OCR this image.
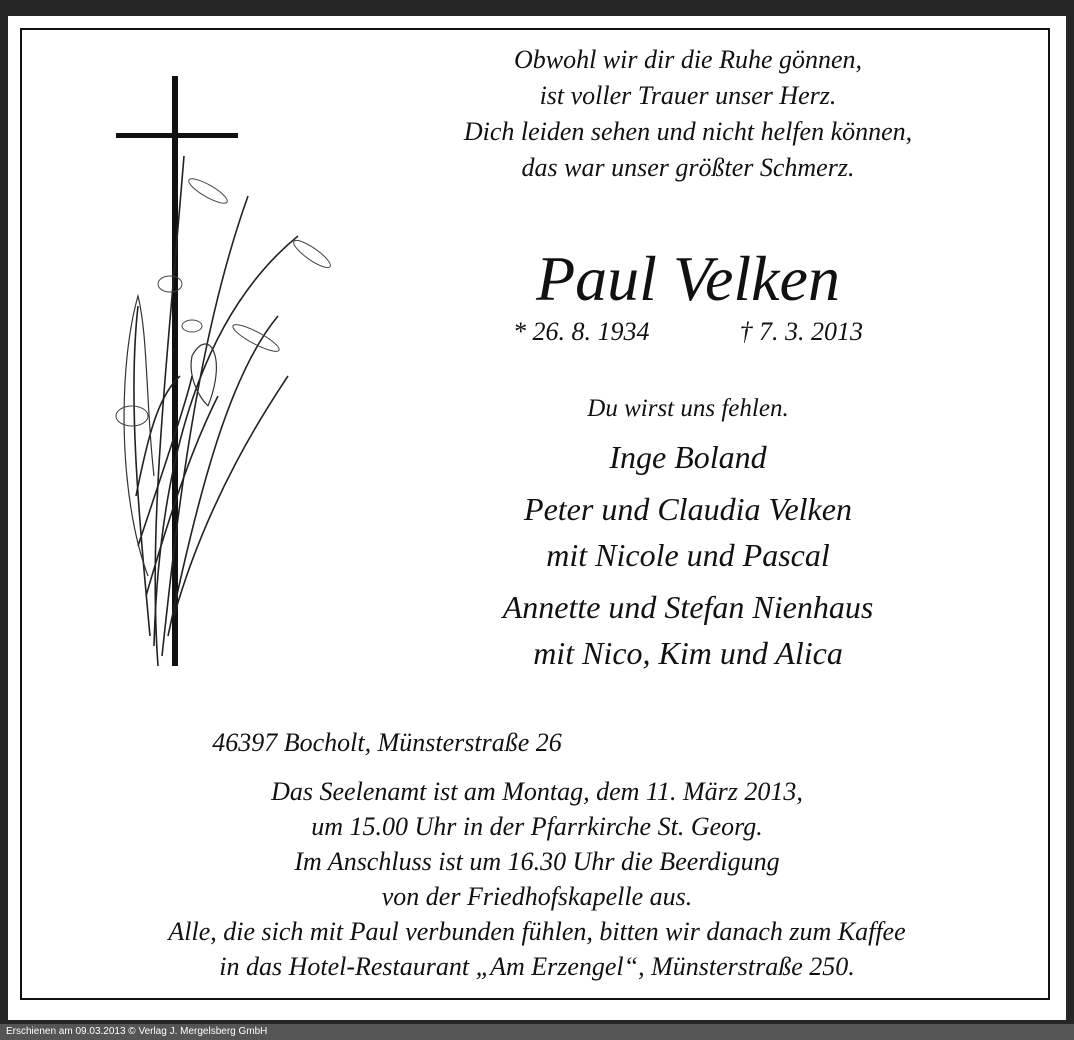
Obwohl wir dir die Ruhe gönnen,
ist voller Trauer unser Herz.
Dich leiden sehen und nicht helfen können,
das war unser größter Schmerz.
Paul Velken
* 26. 8. 1934	† 7. 3. 2013
Du wirst uns fehlen.
Inge Boland
Peter und Claudia Velken
mit Nicole und Pascal
Annette und Stefan Nienhaus
mit Nico, Kim und Alica
46397 Bocholt, Münsterstraße 26
Das Seelenamt ist am Montag, dem 11. März 2013,
um 15.00 Uhr in der Pfarrkirche St. Georg.
Im Anschluss ist um 16.30 Uhr die Beerdigung
von der Friedhofskapelle aus.
Alle, die sich mit Paul verbunden fühlen, bitten wir danach zum Kaffee
in das Hotel-Restaurant „Am Erzengel“, Münsterstraße 250.
Erschienen am 09.03.2013 © Verlag J. Mergelsberg GmbH
